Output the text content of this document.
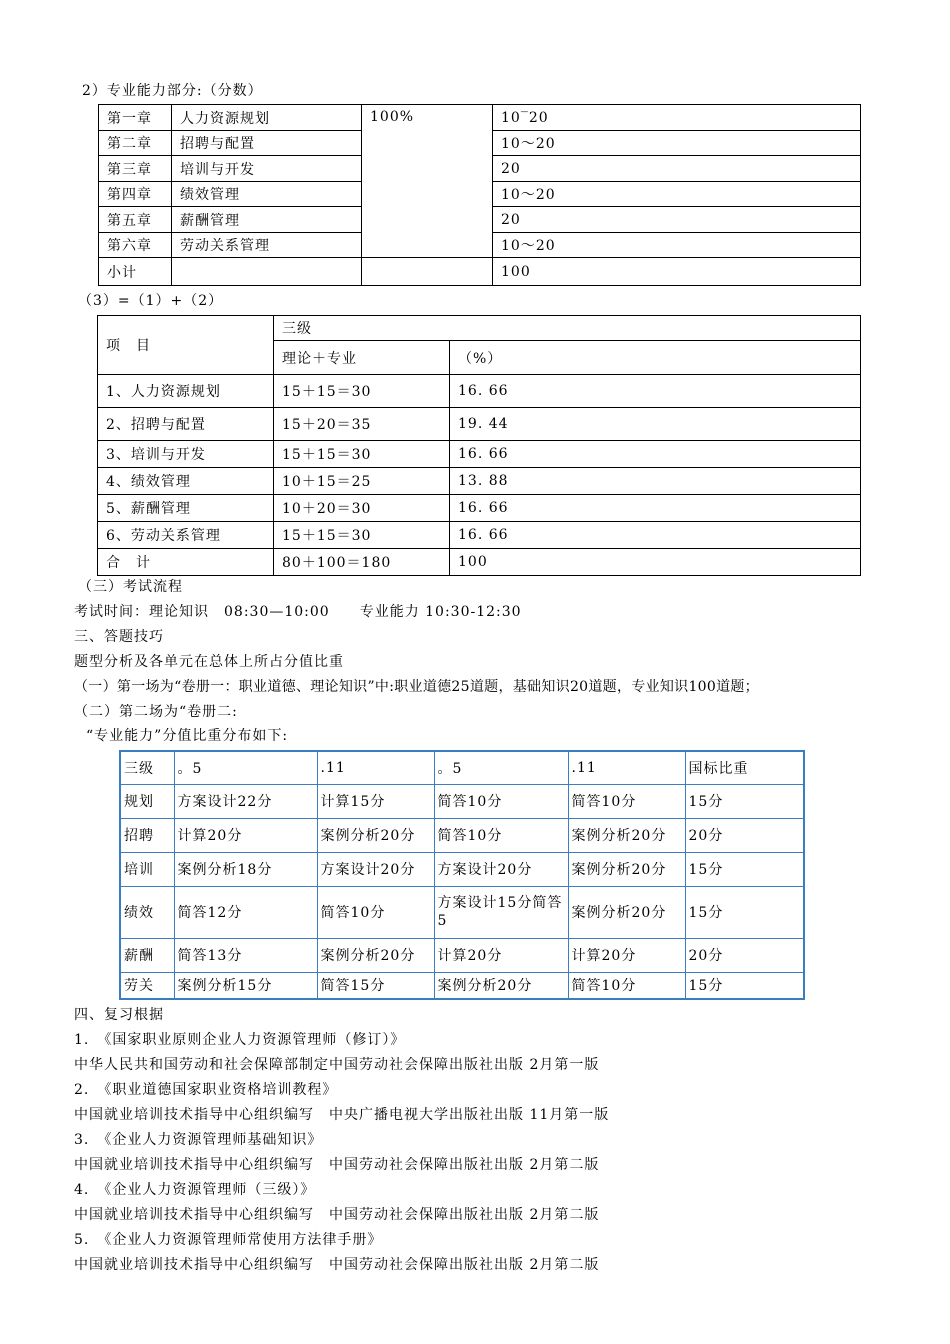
2）专业能力部分:（分数）
第一章	人力资源规划	100%	10‾20
第二章	招聘与配置		10～20
第三章	培训与开发		20
第四章	绩效管理		10～20
第五章	薪酬管理		20
第六章	劳动关系管理		10～20
小计			100
（3）=（1）+（2）
项　目	三级	
	理论＋专业	（%）
1、人力资源规划	15＋15＝30	16. 66
2、招聘与配置	15＋20＝35	19. 44
3、培训与开发	15＋15＝30	16. 66
4、绩效管理	10＋15＝25	13. 88
5、薪酬管理	10＋20＝30	16. 66
6、劳动关系管理	15＋15＝30	16. 66
合　计	80＋100＝180	100
（三）考试流程
考试时间：理论知识　08:30—10:00　　专业能力 10:30-12:30
三、答题技巧
题型分析及各单元在总体上所占分值比重
（一）第一场为“卷册一：职业道德、理论知识”中:职业道德25道题，基础知识20道题，专业知识100道题；
（二）第二场为“卷册二:
“专业能力”分值比重分布如下:
三级	。5	.11	。5	.11	国标比重
规划	方案设计22分	计算15分	简答10分	简答10分	15分
招聘	计算20分	案例分析20分	简答10分	案例分析20分	20分
培训	案例分析18分	方案设计20分	方案设计20分	案例分析20分	15分
绩效	简答12分	简答10分	方案设计15分简答5	案例分析20分	15分
薪酬	简答13分	案例分析20分	计算20分	计算20分	20分
劳关	案例分析15分	简答15分	案例分析20分	简答10分	15分
四、复习根据
1.　《国家职业原则企业人力资源管理师（修订）》
中华人民共和国劳动和社会保障部制定中国劳动社会保障出版社出版 2月第一版
2.　《职业道德国家职业资格培训教程》
中国就业培训技术指导中心组织编写　中央广播电视大学出版社出版 11月第一版
3.　《企业人力资源管理师基础知识》
中国就业培训技术指导中心组织编写　中国劳动社会保障出版社出版 2月第二版
4.　《企业人力资源管理师（三级）》
中国就业培训技术指导中心组织编写　中国劳动社会保障出版社出版 2月第二版
5.　《企业人力资源管理师常使用方法律手册》
中国就业培训技术指导中心组织编写　中国劳动社会保障出版社出版 2月第二版
